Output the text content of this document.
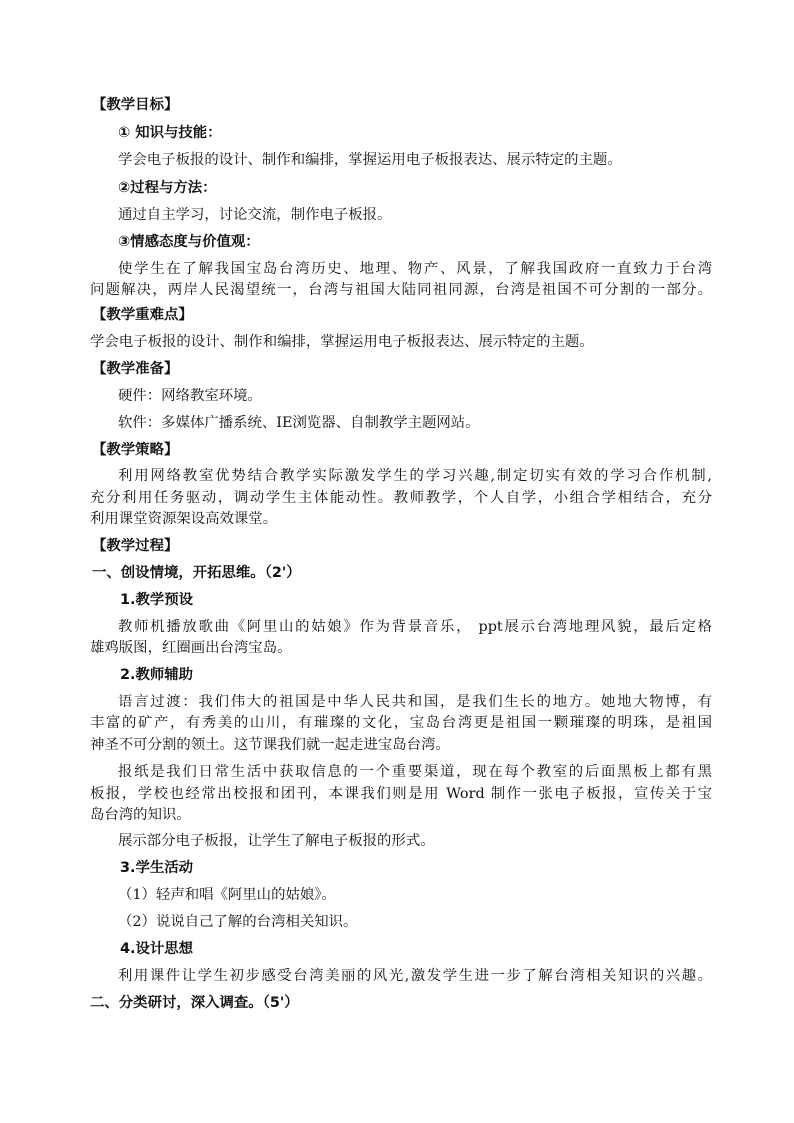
【教学目标】
① 知识与技能：
学会电子板报的设计、制作和编排，掌握运用电子板报表达、展示特定的主题。
②过程与方法：
通过自主学习，讨论交流，制作电子板报。
③情感态度与价值观：
使学生在了解我国宝岛台湾历史、地理、物产、风景，了解我国政府一直致力于台湾
问题解决，两岸人民渴望统一，台湾与祖国大陆同祖同源，台湾是祖国不可分割的一部分。
【教学重难点】
学会电子板报的设计、制作和编排，掌握运用电子板报表达、展示特定的主题。
【教学准备】
硬件：网络教室环境。
软件：多媒体广播系统、IE浏览器、自制教学主题网站。
【教学策略】
利用网络教室优势结合教学实际激发学生的学习兴趣,制定切实有效的学习合作机制,
充分利用任务驱动，调动学生主体能动性。教师教学，个人自学，小组合学相结合，充分
利用课堂资源架设高效课堂。
【教学过程】
一、创设情境，开拓思维。（2'）
1.教学预设
教师机播放歌曲《阿里山的姑娘》作为背景音乐， ppt展示台湾地理风貌，最后定格
雄鸡版图，红圈画出台湾宝岛。
2.教师辅助
语言过渡：我们伟大的祖国是中华人民共和国，是我们生长的地方。她地大物博，有
丰富的矿产，有秀美的山川，有璀璨的文化，宝岛台湾更是祖国一颗璀璨的明珠，是祖国
神圣不可分割的领土。这节课我们就一起走进宝岛台湾。
报纸是我们日常生活中获取信息的一个重要渠道，现在每个教室的后面黑板上都有黑
板报，学校也经常出校报和团刊，本课我们则是用 Word 制作一张电子板报，宣传关于宝
岛台湾的知识。
展示部分电子板报，让学生了解电子板报的形式。
3.学生活动
（1）轻声和唱《阿里山的姑娘》。
（2）说说自己了解的台湾相关知识。
4.设计思想
利用课件让学生初步感受台湾美丽的风光,激发学生进一步了解台湾相关知识的兴趣。
二、分类研讨，深入调查。（5'）
